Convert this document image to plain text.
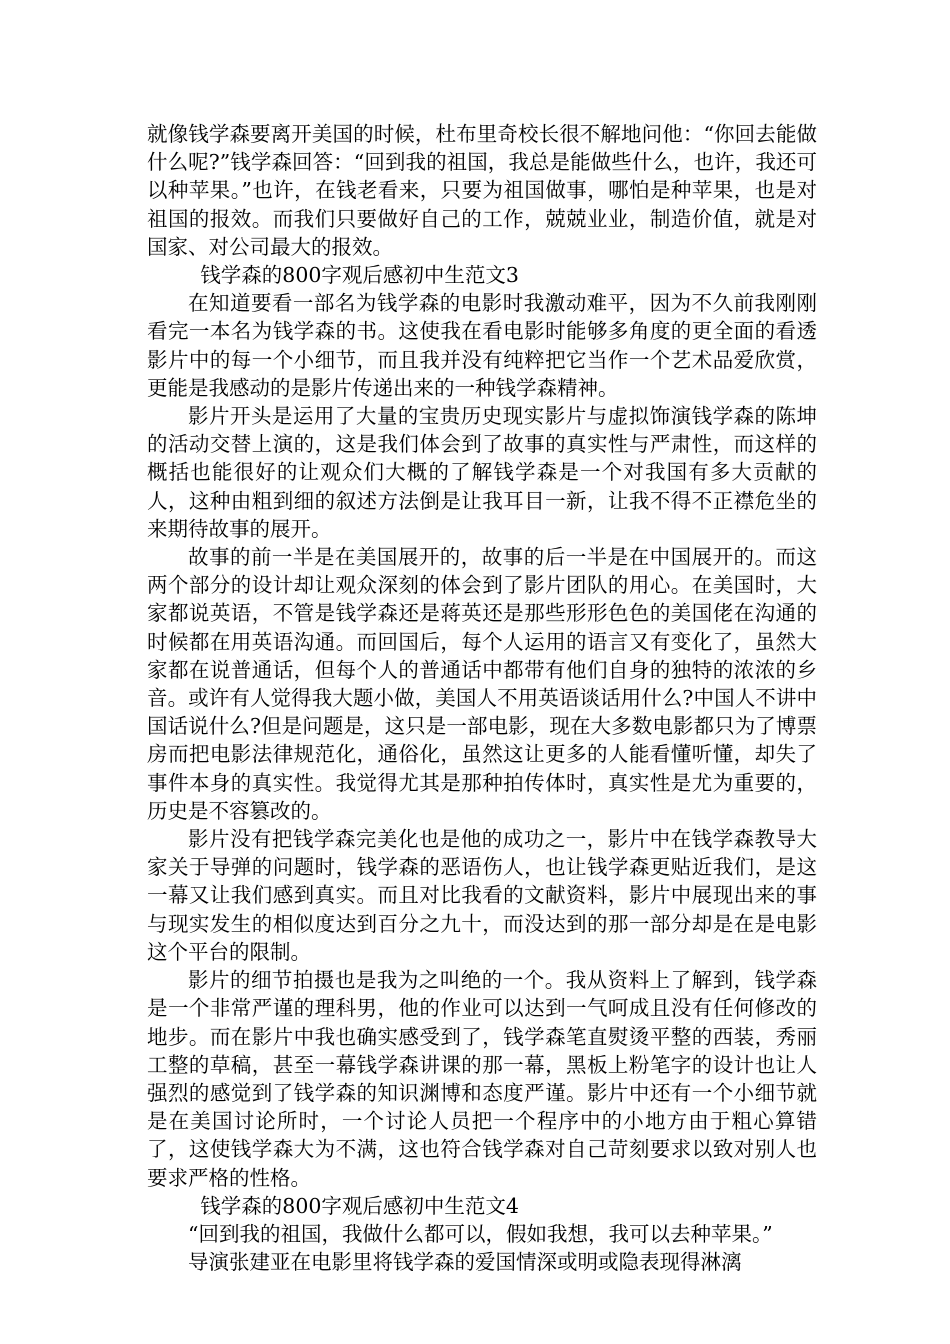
就像钱学森要离开美国的时候，杜布里奇校长很不解地问他：“你回去能做什么呢?”钱学森回答：“回到我的祖国，我总是能做些什么，也许，我还可以种苹果。”也许，在钱老看来，只要为祖国做事，哪怕是种苹果，也是对祖国的报效。而我们只要做好自己的工作，兢兢业业，制造价值，就是对国家、对公司最大的报效。

钱学森的800字观后感初中生范文3

在知道要看一部名为钱学森的电影时我激动难平，因为不久前我刚刚看完一本名为钱学森的书。这使我在看电影时能够多角度的更全面的看透影片中的每一个小细节，而且我并没有纯粹把它当作一个艺术品爱欣赏，更能是我感动的是影片传递出来的一种钱学森精神。

影片开头是运用了大量的宝贵历史现实影片与虚拟饰演钱学森的陈坤的活动交替上演的，这是我们体会到了故事的真实性与严肃性，而这样的概括也能很好的让观众们大概的了解钱学森是一个对我国有多大贡献的人，这种由粗到细的叙述方法倒是让我耳目一新，让我不得不正襟危坐的来期待故事的展开。

故事的前一半是在美国展开的，故事的后一半是在中国展开的。而这两个部分的设计却让观众深刻的体会到了影片团队的用心。在美国时，大家都说英语，不管是钱学森还是蒋英还是那些形形色色的美国佬在沟通的时候都在用英语沟通。而回国后，每个人运用的语言又有变化了，虽然大家都在说普通话，但每个人的普通话中都带有他们自身的独特的浓浓的乡音。或许有人觉得我大题小做，美国人不用英语谈话用什么?中国人不讲中国话说什么?但是问题是，这只是一部电影，现在大多数电影都只为了博票房而把电影法律规范化，通俗化，虽然这让更多的人能看懂听懂，却失了事件本身的真实性。我觉得尤其是那种拍传体时，真实性是尤为重要的，历史是不容篡改的。

影片没有把钱学森完美化也是他的成功之一，影片中在钱学森教导大家关于导弹的问题时，钱学森的恶语伤人，也让钱学森更贴近我们，是这一幕又让我们感到真实。而且对比我看的文献资料，影片中展现出来的事与现实发生的相似度达到百分之九十，而没达到的那一部分却是在是电影这个平台的限制。

影片的细节拍摄也是我为之叫绝的一个。我从资料上了解到，钱学森是一个非常严谨的理科男，他的作业可以达到一气呵成且没有任何修改的地步。而在影片中我也确实感受到了，钱学森笔直熨烫平整的西装，秀丽工整的草稿，甚至一幕钱学森讲课的那一幕，黑板上粉笔字的设计也让人强烈的感觉到了钱学森的知识渊博和态度严谨。影片中还有一个小细节就是在美国讨论所时，一个讨论人员把一个程序中的小地方由于粗心算错了，这使钱学森大为不满，这也符合钱学森对自己苛刻要求以致对别人也要求严格的性格。

钱学森的800字观后感初中生范文4

“回到我的祖国，我做什么都可以，假如我想，我可以去种苹果。”

导演张建亚在电影里将钱学森的爱国情深或明或隐表现得淋漓
